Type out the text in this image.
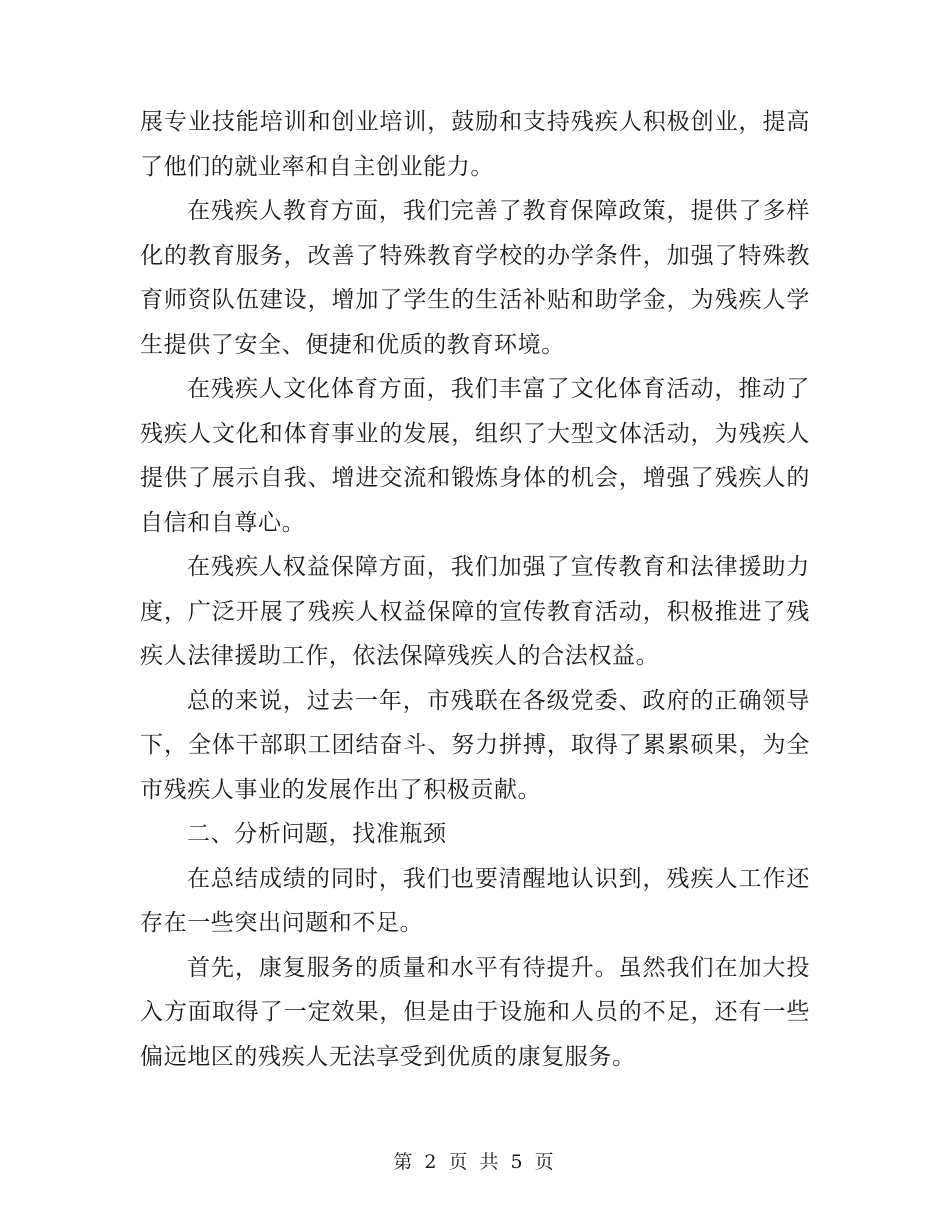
展专业技能培训和创业培训，鼓励和支持残疾人积极创业，提高了他们的就业率和自主创业能力。

在残疾人教育方面，我们完善了教育保障政策，提供了多样化的教育服务，改善了特殊教育学校的办学条件，加强了特殊教育师资队伍建设，增加了学生的生活补贴和助学金，为残疾人学生提供了安全、便捷和优质的教育环境。

在残疾人文化体育方面，我们丰富了文化体育活动，推动了残疾人文化和体育事业的发展，组织了大型文体活动，为残疾人提供了展示自我、增进交流和锻炼身体的机会，增强了残疾人的自信和自尊心。

在残疾人权益保障方面，我们加强了宣传教育和法律援助力度，广泛开展了残疾人权益保障的宣传教育活动，积极推进了残疾人法律援助工作，依法保障残疾人的合法权益。

总的来说，过去一年，市残联在各级党委、政府的正确领导下，全体干部职工团结奋斗、努力拼搏，取得了累累硕果，为全市残疾人事业的发展作出了积极贡献。

二、分析问题，找准瓶颈

在总结成绩的同时，我们也要清醒地认识到，残疾人工作还存在一些突出问题和不足。

首先，康复服务的质量和水平有待提升。虽然我们在加大投入方面取得了一定效果，但是由于设施和人员的不足，还有一些偏远地区的残疾人无法享受到优质的康复服务。

第 2 页 共 5 页
